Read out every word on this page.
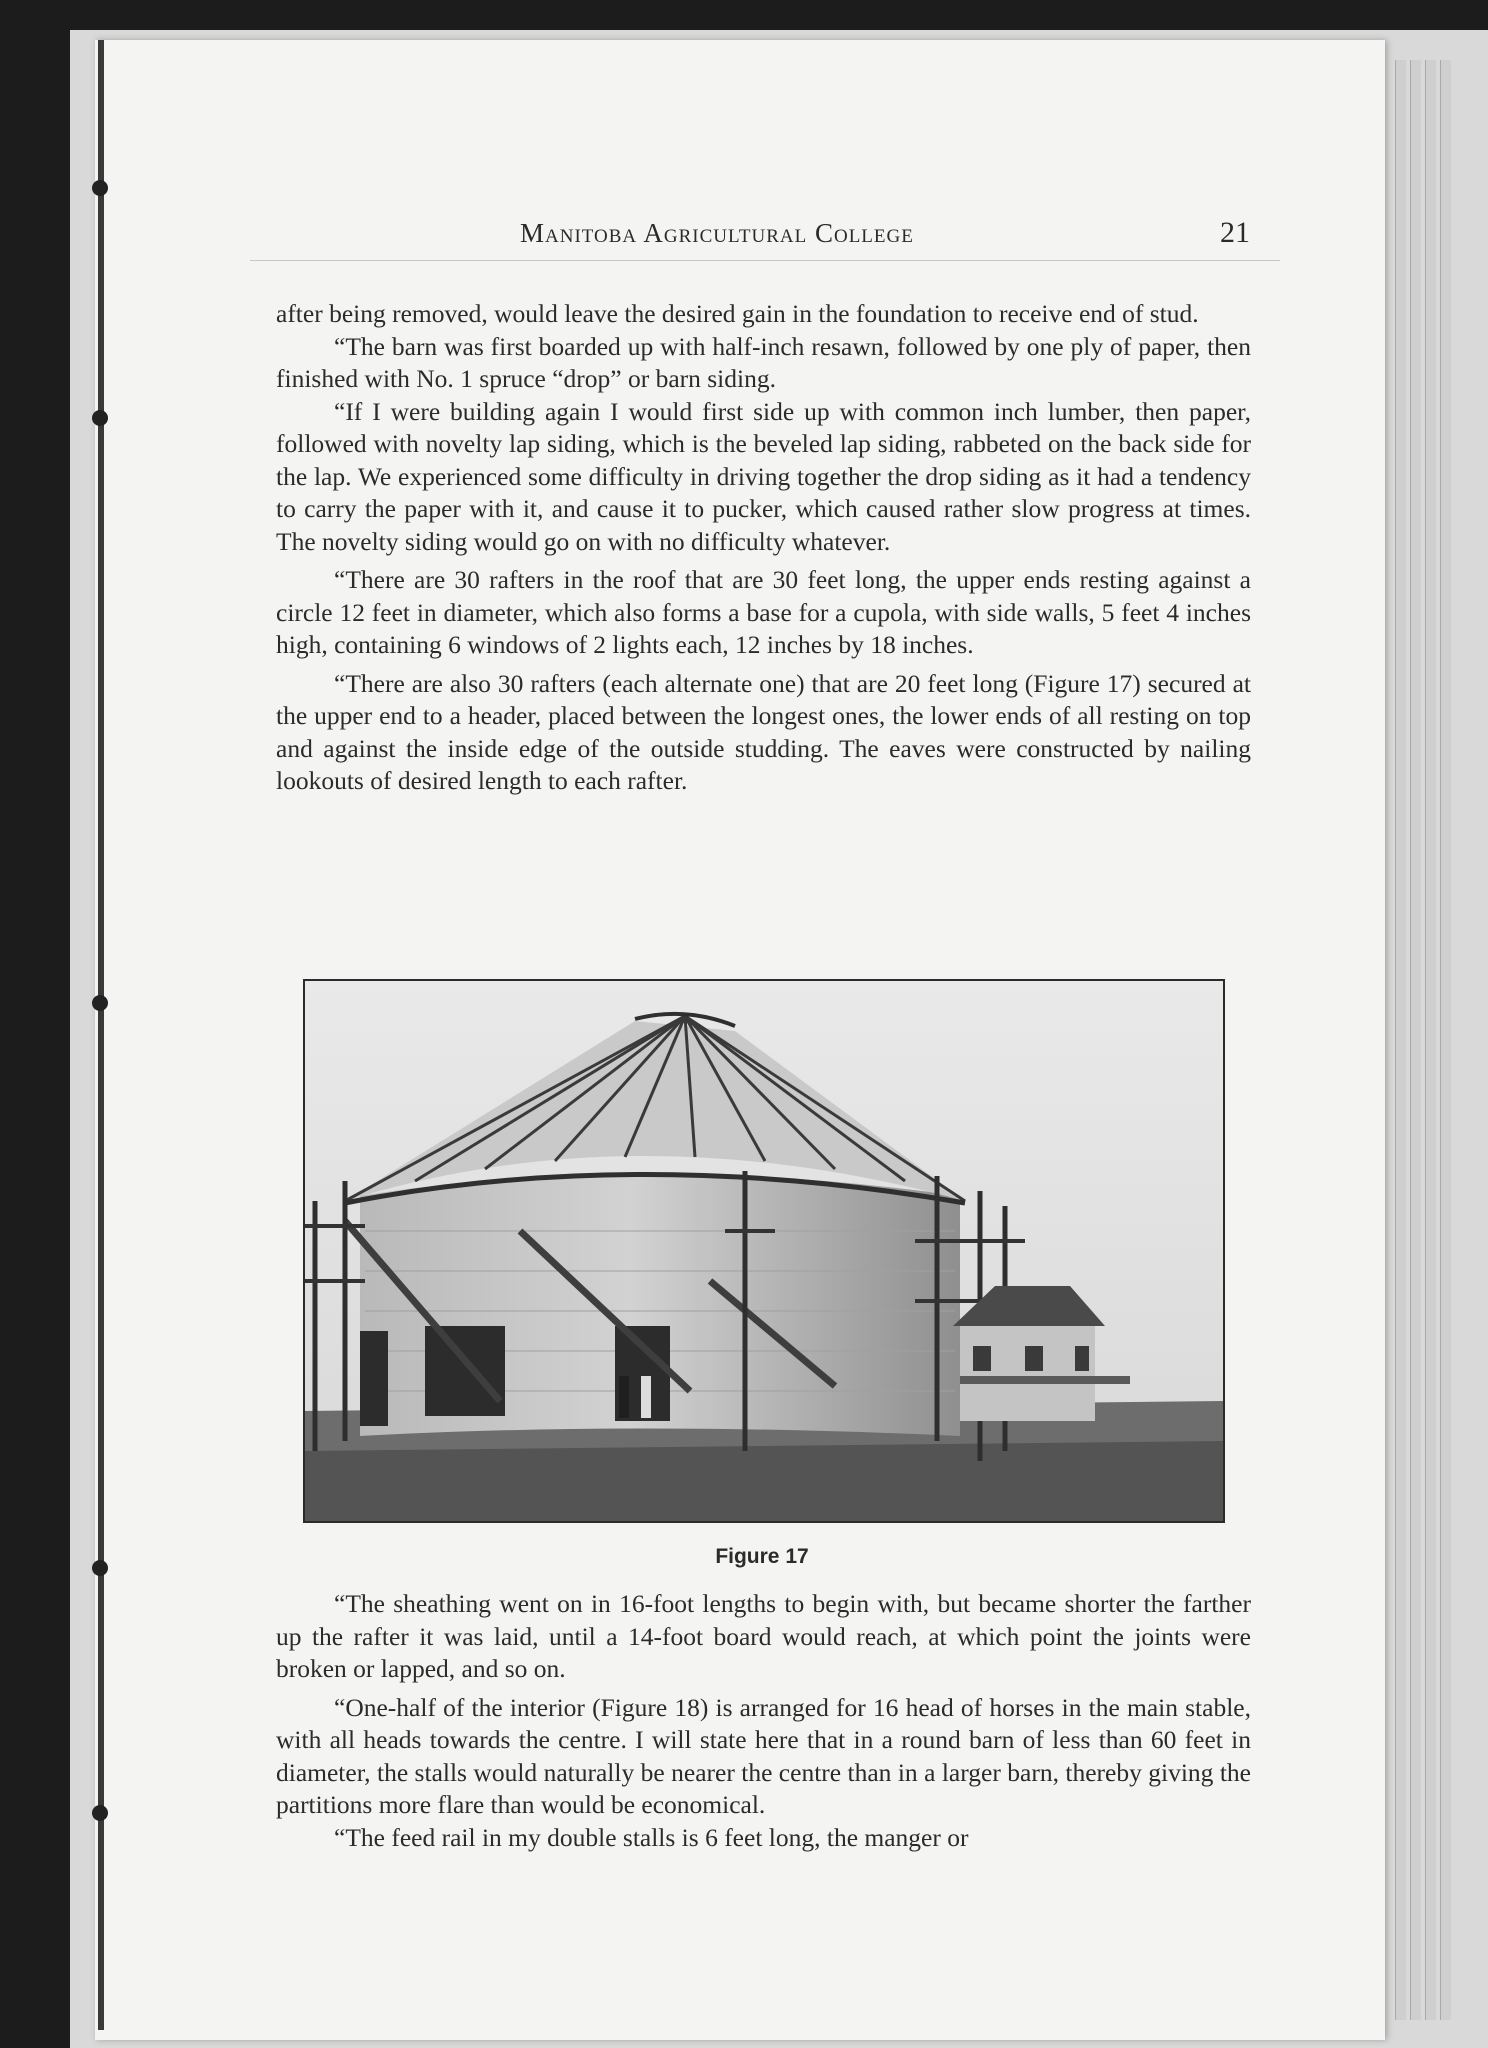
Manitoba Agricultural College	21

after being removed, would leave the desired gain in the foundation to receive end of stud.

“The barn was first boarded up with half-inch resawn, followed by one ply of paper, then finished with No. 1 spruce “drop” or barn siding.

“If I were building again I would first side up with common inch lumber, then paper, followed with novelty lap siding, which is the beveled lap siding, rabbeted on the back side for the lap. We experienced some difficulty in driving together the drop siding as it had a tendency to carry the paper with it, and cause it to pucker, which caused rather slow progress at times. The novelty siding would go on with no difficulty whatever.

“There are 30 rafters in the roof that are 30 feet long, the upper ends resting against a circle 12 feet in diameter, which also forms a base for a cupola, with side walls, 5 feet 4 inches high, containing 6 windows of 2 lights each, 12 inches by 18 inches.

“There are also 30 rafters (each alternate one) that are 20 feet long (Figure 17) secured at the upper end to a header, placed between the longest ones, the lower ends of all resting on top and against the inside edge of the outside studding. The eaves were constructed by nailing lookouts of desired length to each rafter.

Figure 17

“The sheathing went on in 16-foot lengths to begin with, but became shorter the farther up the rafter it was laid, until a 14-foot board would reach, at which point the joints were broken or lapped, and so on.

“One-half of the interior (Figure 18) is arranged for 16 head of horses in the main stable, with all heads towards the centre. I will state here that in a round barn of less than 60 feet in diameter, the stalls would naturally be nearer the centre than in a larger barn, thereby giving the partitions more flare than would be economical.

“The feed rail in my double stalls is 6 feet long, the manger or
